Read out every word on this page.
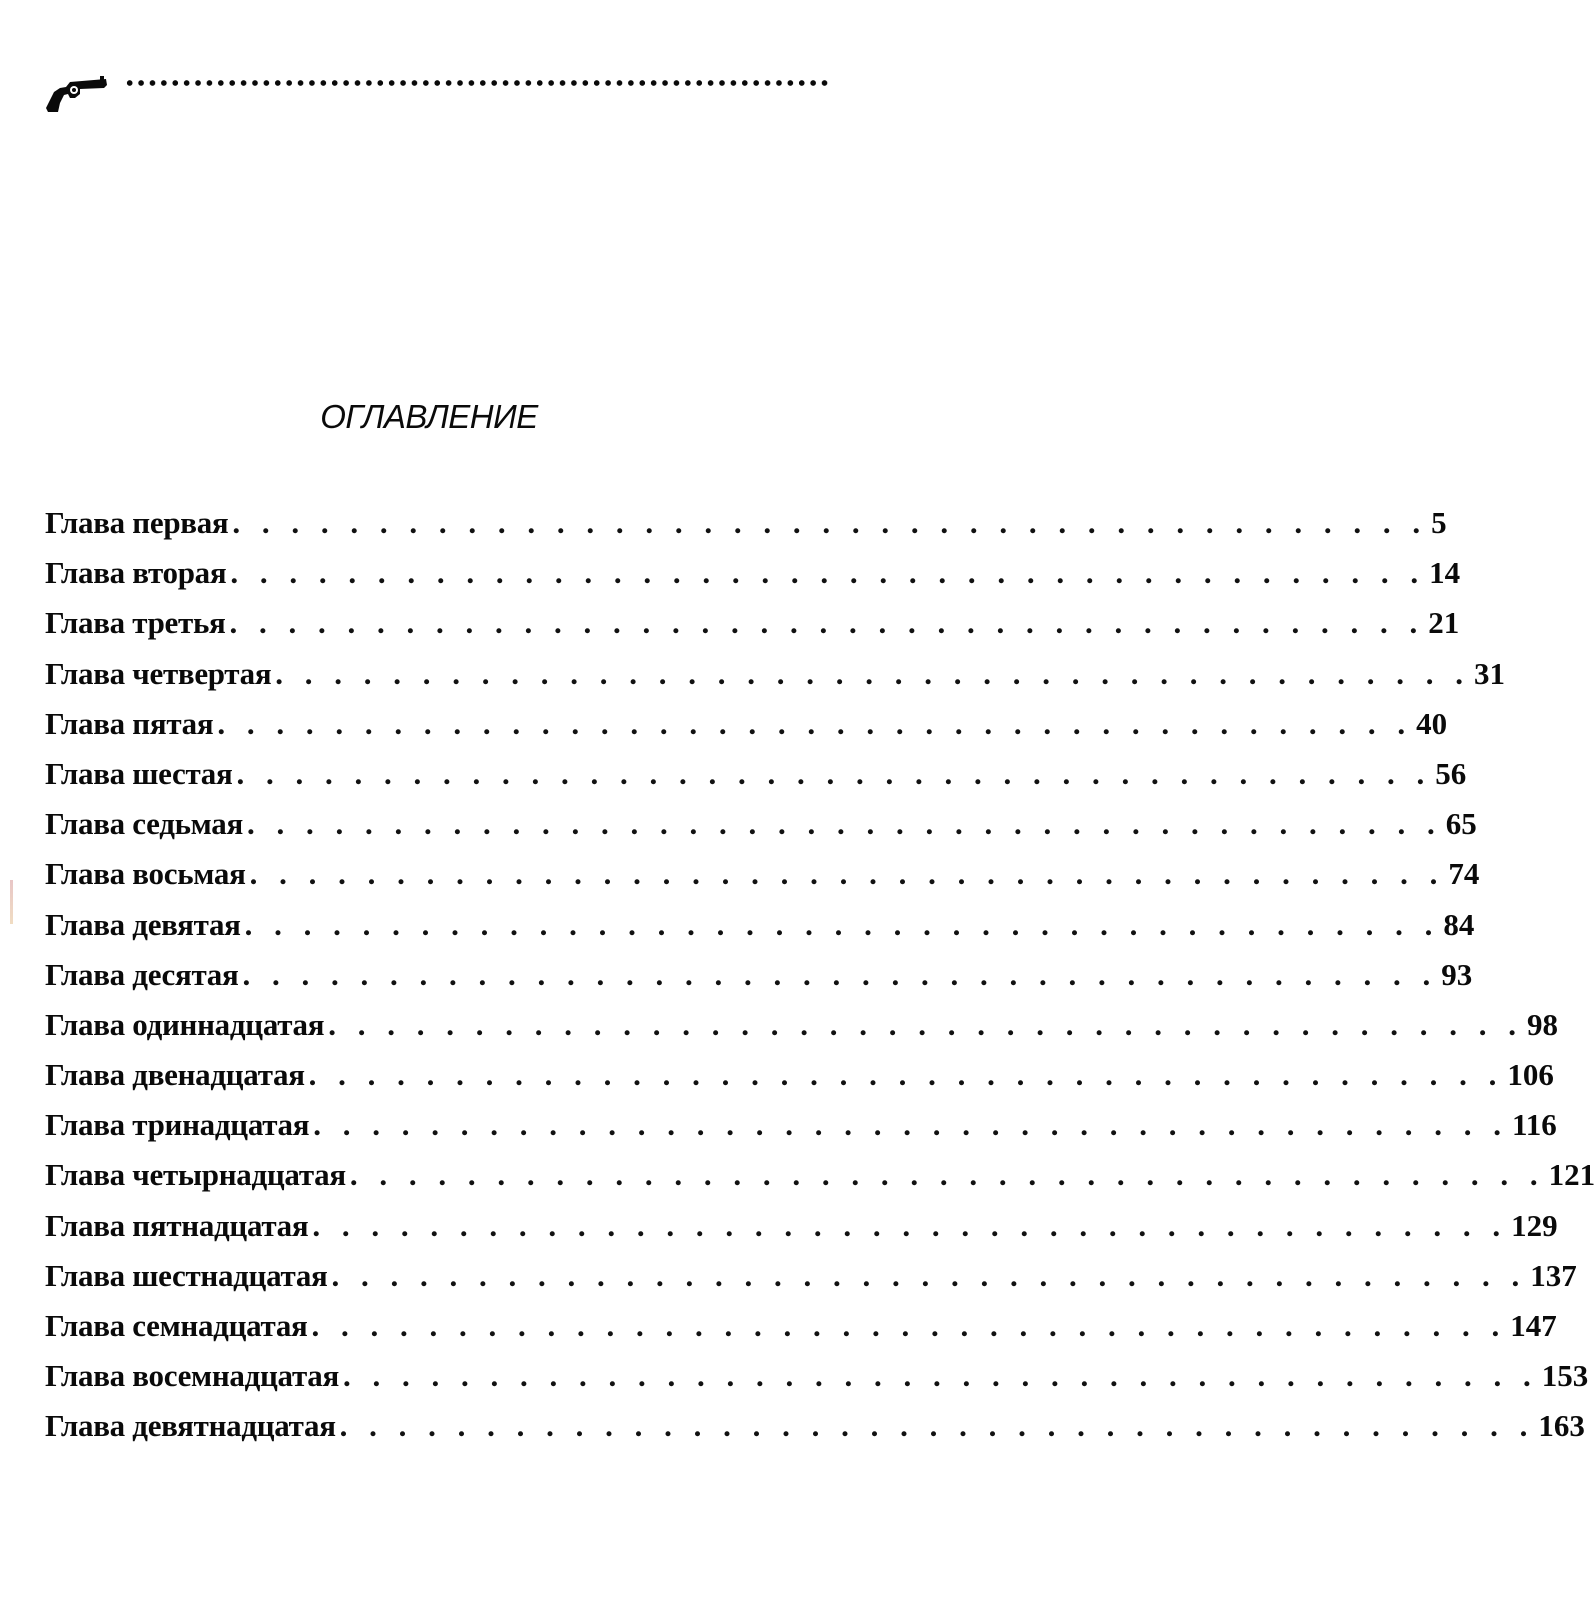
ОГЛАВЛЕНИЕ
Глава первая . . . . . . . . . . . . . . . . . . . . . . . . . . . . . . . . . . . . . . . . . 5
Глава вторая . . . . . . . . . . . . . . . . . . . . . . . . . . . . . . . . . . . . . . . . . 14
Глава третья . . . . . . . . . . . . . . . . . . . . . . . . . . . . . . . . . . . . . . . . . 21
Глава четвертая . . . . . . . . . . . . . . . . . . . . . . . . . . . . . . . . . . . . . . . . . 31
Глава пятая . . . . . . . . . . . . . . . . . . . . . . . . . . . . . . . . . . . . . . . . . 40
Глава шестая . . . . . . . . . . . . . . . . . . . . . . . . . . . . . . . . . . . . . . . . . 56
Глава седьмая . . . . . . . . . . . . . . . . . . . . . . . . . . . . . . . . . . . . . . . . . 65
Глава восьмая . . . . . . . . . . . . . . . . . . . . . . . . . . . . . . . . . . . . . . . . . 74
Глава девятая . . . . . . . . . . . . . . . . . . . . . . . . . . . . . . . . . . . . . . . . . 84
Глава десятая . . . . . . . . . . . . . . . . . . . . . . . . . . . . . . . . . . . . . . . . . 93
Глава одиннадцатая . . . . . . . . . . . . . . . . . . . . . . . . . . . . . . . . . . . . . . . . . 98
Глава двенадцатая . . . . . . . . . . . . . . . . . . . . . . . . . . . . . . . . . . . . . . . . . 106
Глава тринадцатая . . . . . . . . . . . . . . . . . . . . . . . . . . . . . . . . . . . . . . . . . 116
Глава четырнадцатая . . . . . . . . . . . . . . . . . . . . . . . . . . . . . . . . . . . . . . . . . 121
Глава пятнадцатая . . . . . . . . . . . . . . . . . . . . . . . . . . . . . . . . . . . . . . . . . 129
Глава шестнадцатая . . . . . . . . . . . . . . . . . . . . . . . . . . . . . . . . . . . . . . . . . 137
Глава семнадцатая . . . . . . . . . . . . . . . . . . . . . . . . . . . . . . . . . . . . . . . . . 147
Глава восемнадцатая . . . . . . . . . . . . . . . . . . . . . . . . . . . . . . . . . . . . . . . . . 153
Глава девятнадцатая . . . . . . . . . . . . . . . . . . . . . . . . . . . . . . . . . . . . . . . . . 163
